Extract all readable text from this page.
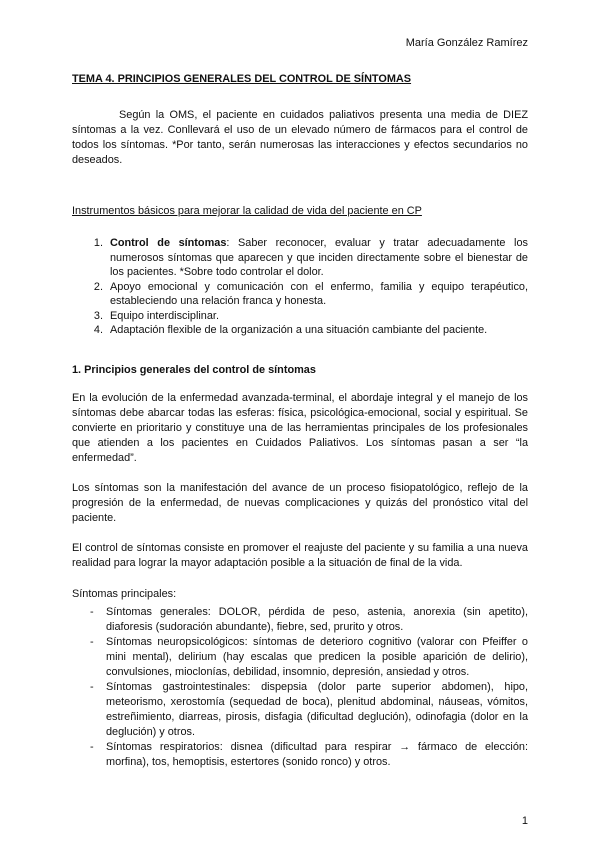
María González Ramírez

TEMA 4. PRINCIPIOS GENERALES DEL CONTROL DE SÍNTOMAS

Según la OMS, el paciente en cuidados paliativos presenta una media de DIEZ síntomas a la vez. Conllevará el uso de un elevado número de fármacos para el control de todos los síntomas. *Por tanto, serán numerosas las interacciones y efectos secundarios no deseados.

Instrumentos básicos para mejorar la calidad de vida del paciente en CP

1. Control de síntomas: Saber reconocer, evaluar y tratar adecuadamente los numerosos síntomas que aparecen y que inciden directamente sobre el bienestar de los pacientes. *Sobre todo controlar el dolor.
2. Apoyo emocional y comunicación con el enfermo, familia y equipo terapéutico, estableciendo una relación franca y honesta.
3. Equipo interdisciplinar.
4. Adaptación flexible de la organización a una situación cambiante del paciente.

1. Principios generales del control de síntomas

En la evolución de la enfermedad avanzada-terminal, el abordaje integral y el manejo de los síntomas debe abarcar todas las esferas: física, psicológica-emocional, social y espiritual. Se convierte en prioritario y constituye una de las herramientas principales de los profesionales que atienden a los pacientes en Cuidados Paliativos. Los síntomas pasan a ser “la enfermedad”.

Los síntomas son la manifestación del avance de un proceso fisiopatológico, reflejo de la progresión de la enfermedad, de nuevas complicaciones y quizás del pronóstico vital del paciente.

El control de síntomas consiste en promover el reajuste del paciente y su familia a una nueva realidad para lograr la mayor adaptación posible a la situación de final de la vida.

Síntomas principales:

- Síntomas generales: DOLOR, pérdida de peso, astenia, anorexia (sin apetito), diaforesis (sudoración abundante), fiebre, sed, prurito y otros.
- Síntomas neuropsicológicos: síntomas de deterioro cognitivo (valorar con Pfeiffer o mini mental), delirium (hay escalas que predicen la posible aparición de delirio), convulsiones, mioclonías, debilidad, insomnio, depresión, ansiedad y otros.
- Síntomas gastrointestinales: dispepsia (dolor parte superior abdomen), hipo, meteorismo, xerostomía (sequedad de boca), plenitud abdominal, náuseas, vómitos, estreñimiento, diarreas, pirosis, disfagia (dificultad deglución), odinofagia (dolor en la deglución) y otros.
- Síntomas respiratorios: disnea (dificultad para respirar → fármaco de elección: morfina), tos, hemoptisis, estertores (sonido ronco) y otros.
1
